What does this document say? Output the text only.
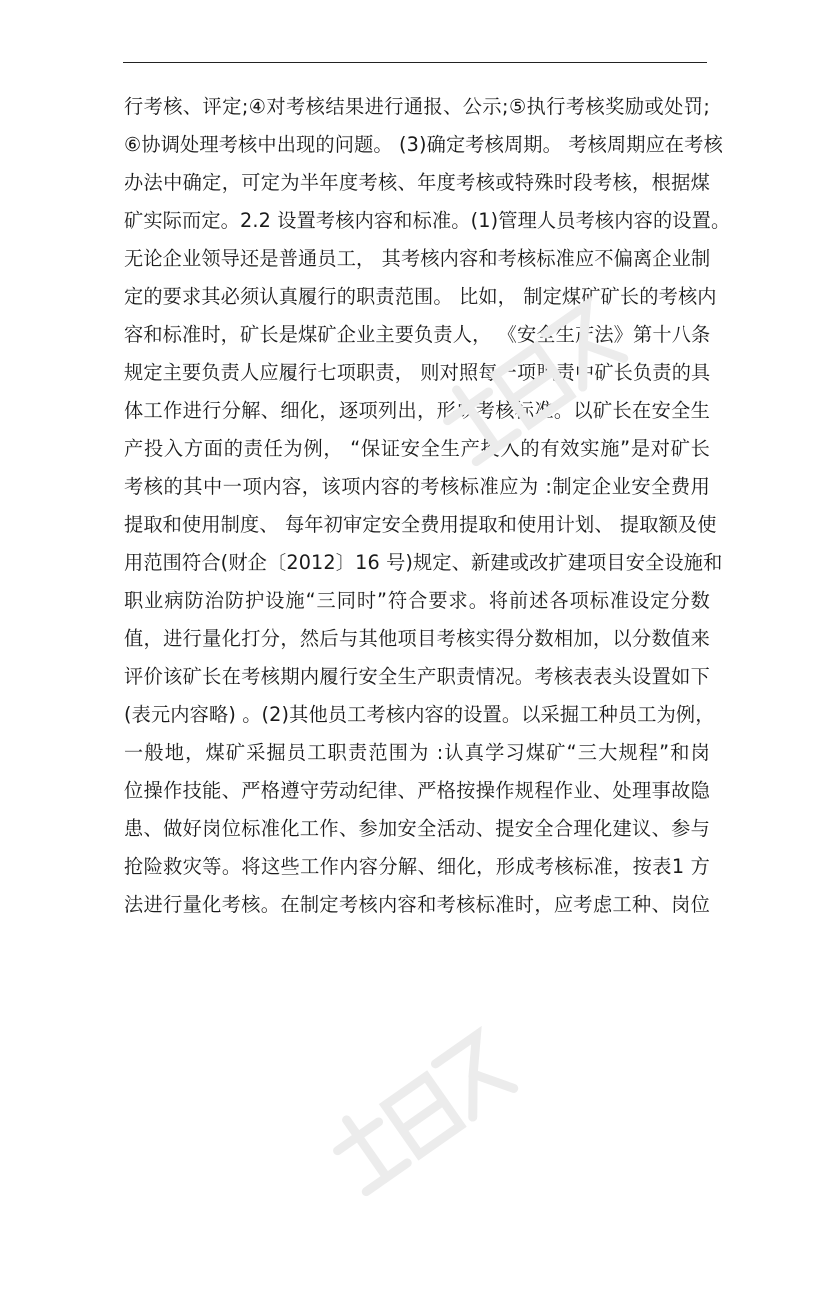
行考核、评定;④对考核结果进行通报、公示;⑤执行考核奖励或处罚;
⑥协调处理考核中出现的问题。 (3)确定考核周期。 考核周期应在考核
办法中确定，可定为半年度考核、年度考核或特殊时段考核，根据煤
矿实际而定。2.2 设置考核内容和标准。(1)管理人员考核内容的设置。
无论企业领导还是普通员工， 其考核内容和考核标准应不偏离企业制
定的要求其必须认真履行的职责范围。 比如， 制定煤矿矿长的考核内
容和标准时，矿长是煤矿企业主要负责人， 《安全生产法》第十八条
规定主要负责人应履行七项职责， 则对照每一项职责中矿长负责的具
体工作进行分解、细化，逐项列出，形成考核标准。以矿长在安全生
产投入方面的责任为例， “保证安全生产投入的有效实施”是对矿长
考核的其中一项内容，该项内容的考核标准应为 :制定企业安全费用
提取和使用制度、 每年初审定安全费用提取和使用计划、 提取额及使
用范围符合(财企〔2012〕16 号)规定、新建或改扩建项目安全设施和
职业病防治防护设施“三同时”符合要求。将前述各项标准设定分数
值，进行量化打分，然后与其他项目考核实得分数相加，以分数值来
评价该矿长在考核期内履行安全生产职责情况。考核表表头设置如下
(表元内容略) 。(2)其他员工考核内容的设置。以采掘工种员工为例，
一般地，煤矿采掘员工职责范围为 :认真学习煤矿“三大规程”和岗
位操作技能、严格遵守劳动纪律、严格按操作规程作业、处理事故隐
患、做好岗位标准化工作、参加安全活动、提安全合理化建议、参与
抢险救灾等。将这些工作内容分解、细化，形成考核标准，按表1 方
法进行量化考核。在制定考核内容和考核标准时，应考虑工种、岗位
